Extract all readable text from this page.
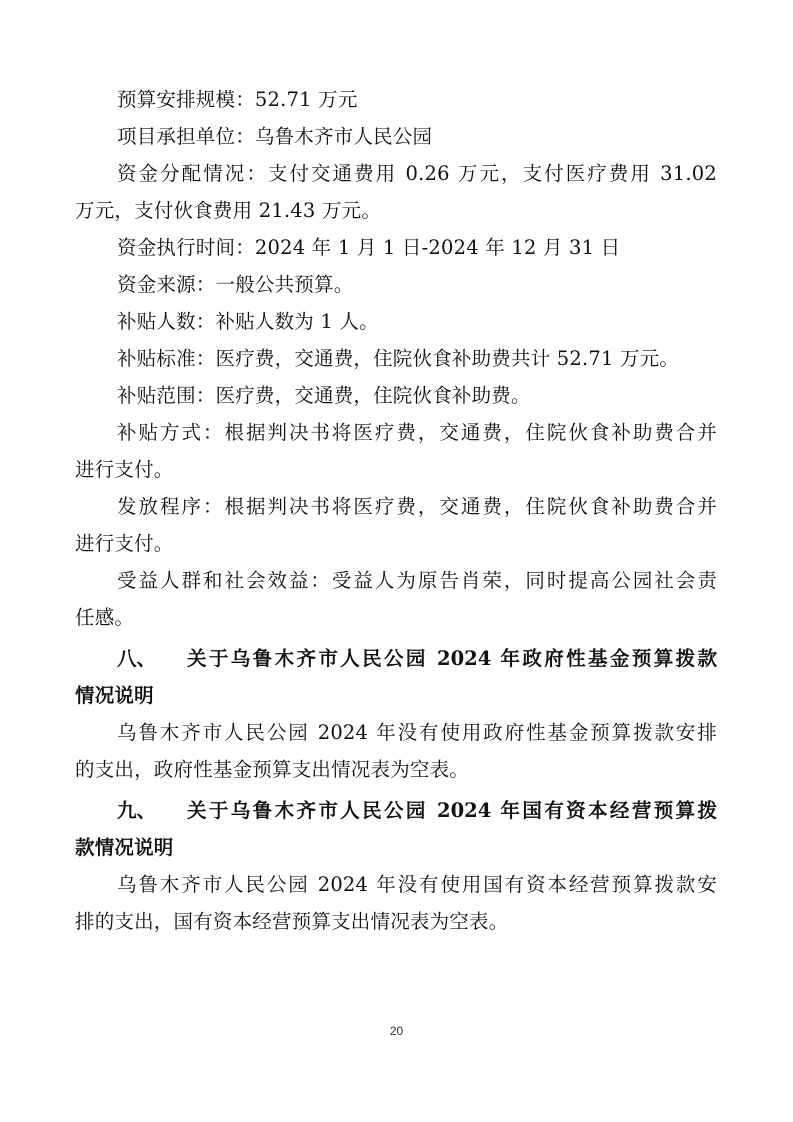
预算安排规模：52.71 万元
项目承担单位：乌鲁木齐市人民公园
资金分配情况：支付交通费用 0.26 万元，支付医疗费用 31.02
万元，支付伙食费用 21.43 万元。
资金执行时间：2024 年 1 月 1 日-2024 年 12 月 31 日
资金来源：一般公共预算。
补贴人数：补贴人数为 1 人。
补贴标准：医疗费，交通费，住院伙食补助费共计 52.71 万元。
补贴范围：医疗费，交通费，住院伙食补助费。
补贴方式：根据判决书将医疗费，交通费，住院伙食补助费合并
进行支付。
发放程序：根据判决书将医疗费，交通费，住院伙食补助费合并
进行支付。
受益人群和社会效益：受益人为原告肖荣，同时提高公园社会责
任感。
八、 关于乌鲁木齐市人民公园 2024 年政府性基金预算拨款
情况说明
乌鲁木齐市人民公园 2024 年没有使用政府性基金预算拨款安排
的支出，政府性基金预算支出情况表为空表。
九、 关于乌鲁木齐市人民公园 2024 年国有资本经营预算拨
款情况说明
乌鲁木齐市人民公园 2024 年没有使用国有资本经营预算拨款安
排的支出，国有资本经营预算支出情况表为空表。
20
